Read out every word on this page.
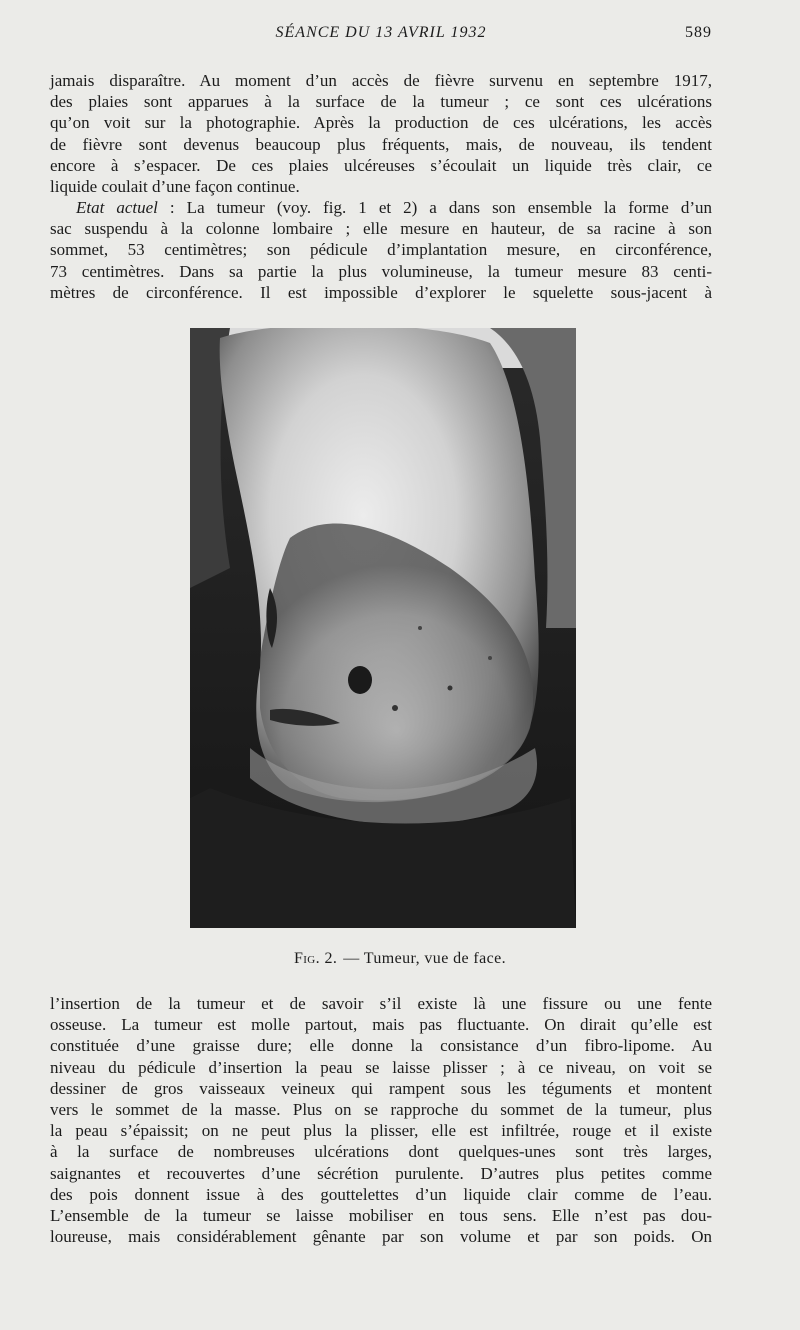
SÉANCE DU 13 AVRIL 1932	589
jamais disparaître. Au moment d’un accès de fièvre survenu en septembre 1917,
des plaies sont apparues à la surface de la tumeur ; ce sont ces ulcérations
qu’on voit sur la photographie. Après la production de ces ulcérations, les accès
de fièvre sont devenus beaucoup plus fréquents, mais, de nouveau, ils tendent
encore à s’espacer. De ces plaies ulcéreuses s’écoulait un liquide très clair, ce
liquide coulait d’une façon continue.
Etat actuel : La tumeur (voy. fig. 1 et 2) a dans son ensemble la forme d’un
sac suspendu à la colonne lombaire ; elle mesure en hauteur, de sa racine à son
sommet, 53 centimètres; son pédicule d’implantation mesure, en circonférence,
73 centimètres. Dans sa partie la plus volumineuse, la tumeur mesure 83 centi-
mètres de circonférence. Il est impossible d’explorer le squelette sous-jacent à
Fig. 2. — Tumeur, vue de face.
l’insertion de la tumeur et de savoir s’il existe là une fissure ou une fente
osseuse. La tumeur est molle partout, mais pas fluctuante. On dirait qu’elle est
constituée d’une graisse dure; elle donne la consistance d’un fibro-lipome. Au
niveau du pédicule d’insertion la peau se laisse plisser ; à ce niveau, on voit se
dessiner de gros vaisseaux veineux qui rampent sous les téguments et montent
vers le sommet de la masse. Plus on se rapproche du sommet de la tumeur, plus
la peau s’épaissit; on ne peut plus la plisser, elle est infiltrée, rouge et il existe
à la surface de nombreuses ulcérations dont quelques-unes sont très larges,
saignantes et recouvertes d’une sécrétion purulente. D’autres plus petites comme
des pois donnent issue à des gouttelettes d’un liquide clair comme de l’eau.
L’ensemble de la tumeur se laisse mobiliser en tous sens. Elle n’est pas dou-
loureuse, mais considérablement gênante par son volume et par son poids. On
